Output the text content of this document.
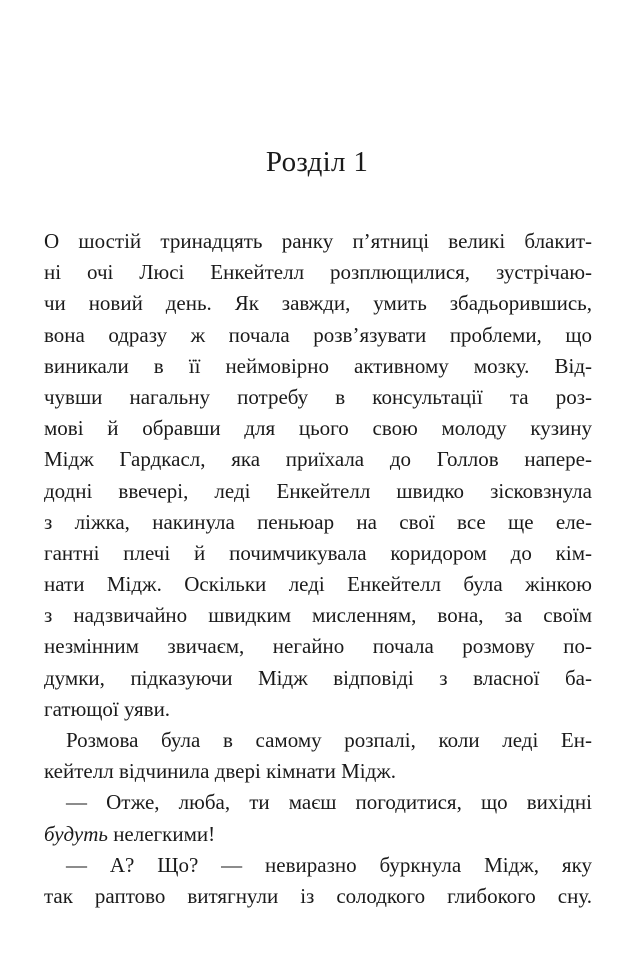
Розділ 1
О шостій тринадцять ранку п’ятниці великі блакит-
ні очі Люсі Енкейтелл розплющилися, зустрічаю-
чи новий день. Як завжди, умить збадьорившись,
вона одразу ж почала розв’язувати проблеми, що
виникали в її неймовірно активному мозку. Від-
чувши нагальну потребу в консультації та роз-
мові й обравши для цього свою молоду кузину
Мідж Гардкасл, яка приїхала до Голлов напере-
додні ввечері, леді Енкейтелл швидко зісковзнула
з ліжка, накинула пеньюар на свої все ще еле-
гантні плечі й почимчикувала коридором до кім-
нати Мідж. Оскільки леді Енкейтелл була жінкою
з надзвичайно швидким мисленням, вона, за своїм
незмінним звичаєм, негайно почала розмову по-
думки, підказуючи Мідж відповіді з власної ба-
гатющої уяви.
Розмова була в самому розпалі, коли леді Ен-
кейтелл відчинила двері кімнати Мідж.
— Отже, люба, ти маєш погодитися, що вихідні
будуть нелегкими!
— А? Що? — невиразно буркнула Мідж, яку
так раптово витягнули із солодкого глибокого сну.
